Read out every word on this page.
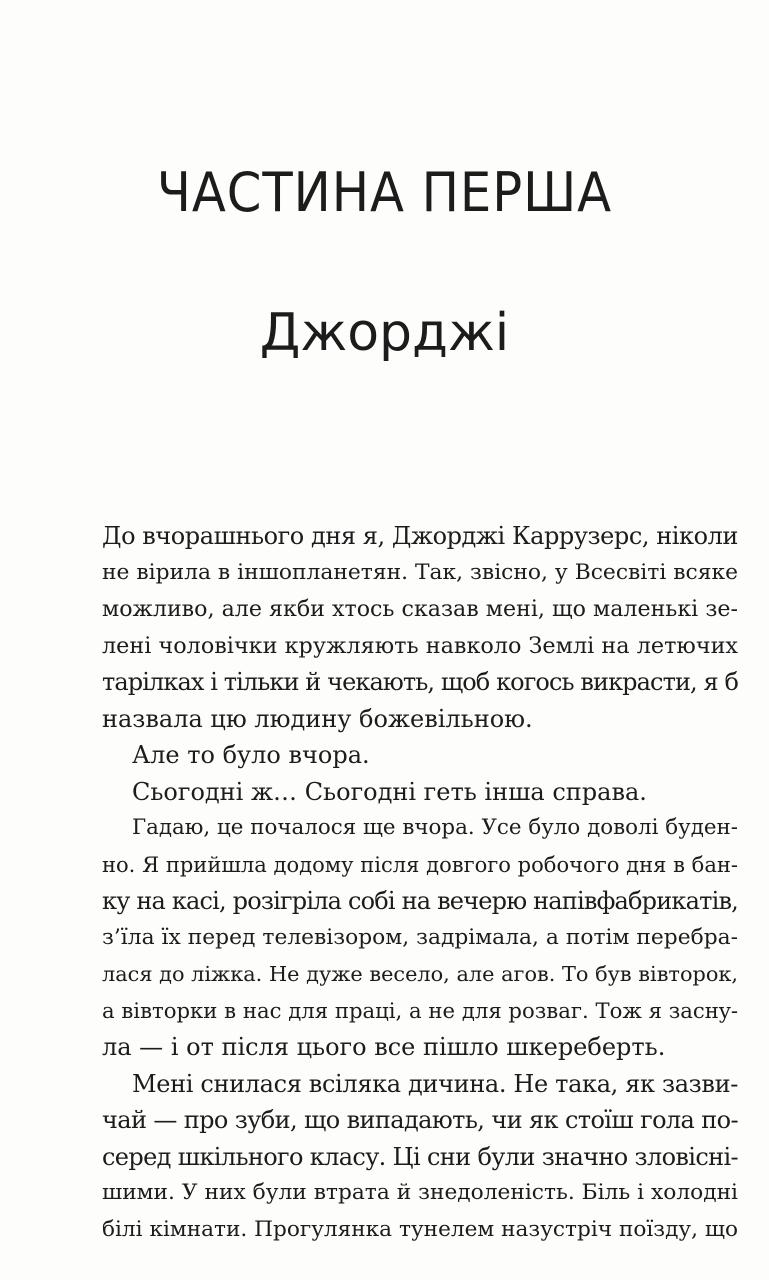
ЧАСТИНА ПЕРША
Джорджі
До вчорашнього дня я, Джорджі Каррузерс, ніколи
не вірила в іншопланетян. Так, звісно, у Всесвіті всяке
можливо, але якби хтось сказав мені, що маленькі зе-
лені чоловічки кружляють навколо Землі на летючих
тарілках і тільки й чекають, щоб когось викрасти, я б
назвала цю людину божевільною.
Але то було вчора.
Сьогодні ж… Сьогодні геть інша справа.
Гадаю, це почалося ще вчора. Усе було доволі буден-
но. Я прийшла додому після довгого робочого дня в бан-
ку на касі, розігріла собі на вечерю напівфабрикатів,
з’їла їх перед телевізором, задрімала, а потім перебра-
лася до ліжка. Не дуже весело, але агов. То був вівторок,
а вівторки в нас для праці, а не для розваг. Тож я заснy-
ла — і от після цього все пішло шкереберть.
Мені снилася всіляка дичина. Не така, як зазви-
чай — про зуби, що випадають, чи як стоїш гола по-
серед шкільного класу. Ці сни були значно зловісні-
шими. У них були втрата й знедоленість. Біль і холодні
білі кімнати. Прогулянка тунелем назустріч поїзду, що
